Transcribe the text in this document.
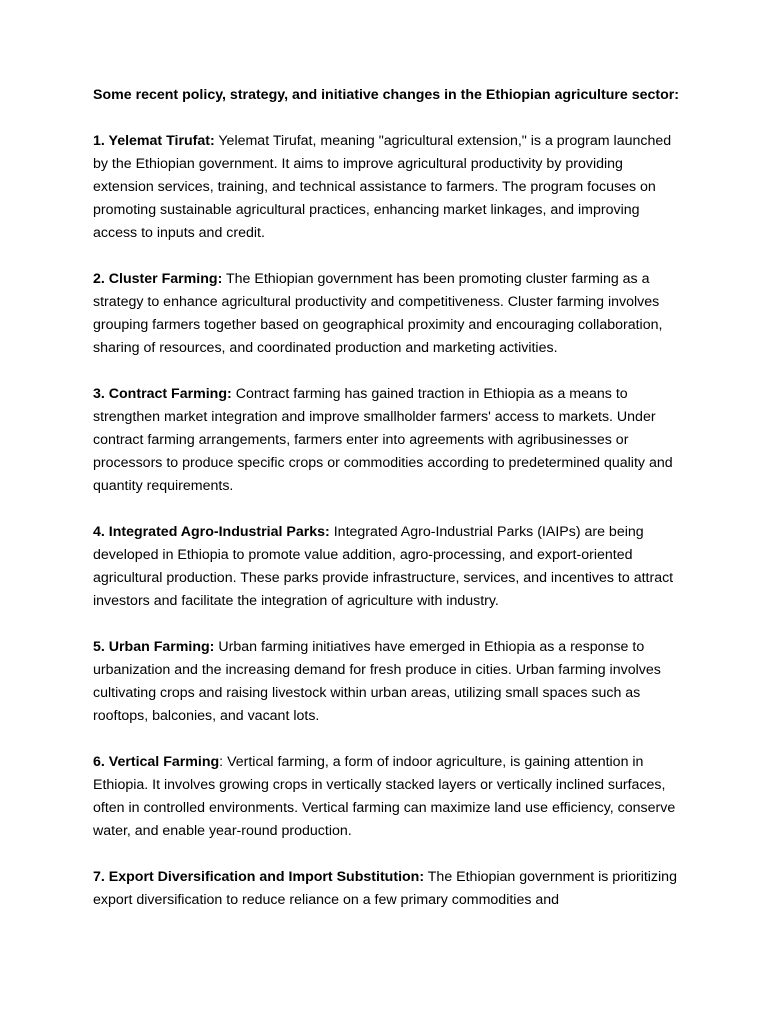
Some recent policy, strategy, and initiative changes in the Ethiopian agriculture sector:

1. Yelemat Tirufat: Yelemat Tirufat, meaning "agricultural extension," is a program launched by the Ethiopian government. It aims to improve agricultural productivity by providing extension services, training, and technical assistance to farmers. The program focuses on promoting sustainable agricultural practices, enhancing market linkages, and improving access to inputs and credit.

2. Cluster Farming: The Ethiopian government has been promoting cluster farming as a strategy to enhance agricultural productivity and competitiveness. Cluster farming involves grouping farmers together based on geographical proximity and encouraging collaboration, sharing of resources, and coordinated production and marketing activities.

3. Contract Farming: Contract farming has gained traction in Ethiopia as a means to strengthen market integration and improve smallholder farmers' access to markets. Under contract farming arrangements, farmers enter into agreements with agribusinesses or processors to produce specific crops or commodities according to predetermined quality and quantity requirements.

4. Integrated Agro-Industrial Parks: Integrated Agro-Industrial Parks (IAIPs) are being developed in Ethiopia to promote value addition, agro-processing, and export-oriented agricultural production. These parks provide infrastructure, services, and incentives to attract investors and facilitate the integration of agriculture with industry.

5. Urban Farming: Urban farming initiatives have emerged in Ethiopia as a response to urbanization and the increasing demand for fresh produce in cities. Urban farming involves cultivating crops and raising livestock within urban areas, utilizing small spaces such as rooftops, balconies, and vacant lots.

6. Vertical Farming: Vertical farming, a form of indoor agriculture, is gaining attention in Ethiopia. It involves growing crops in vertically stacked layers or vertically inclined surfaces, often in controlled environments. Vertical farming can maximize land use efficiency, conserve water, and enable year-round production.

7. Export Diversification and Import Substitution: The Ethiopian government is prioritizing export diversification to reduce reliance on a few primary commodities and
